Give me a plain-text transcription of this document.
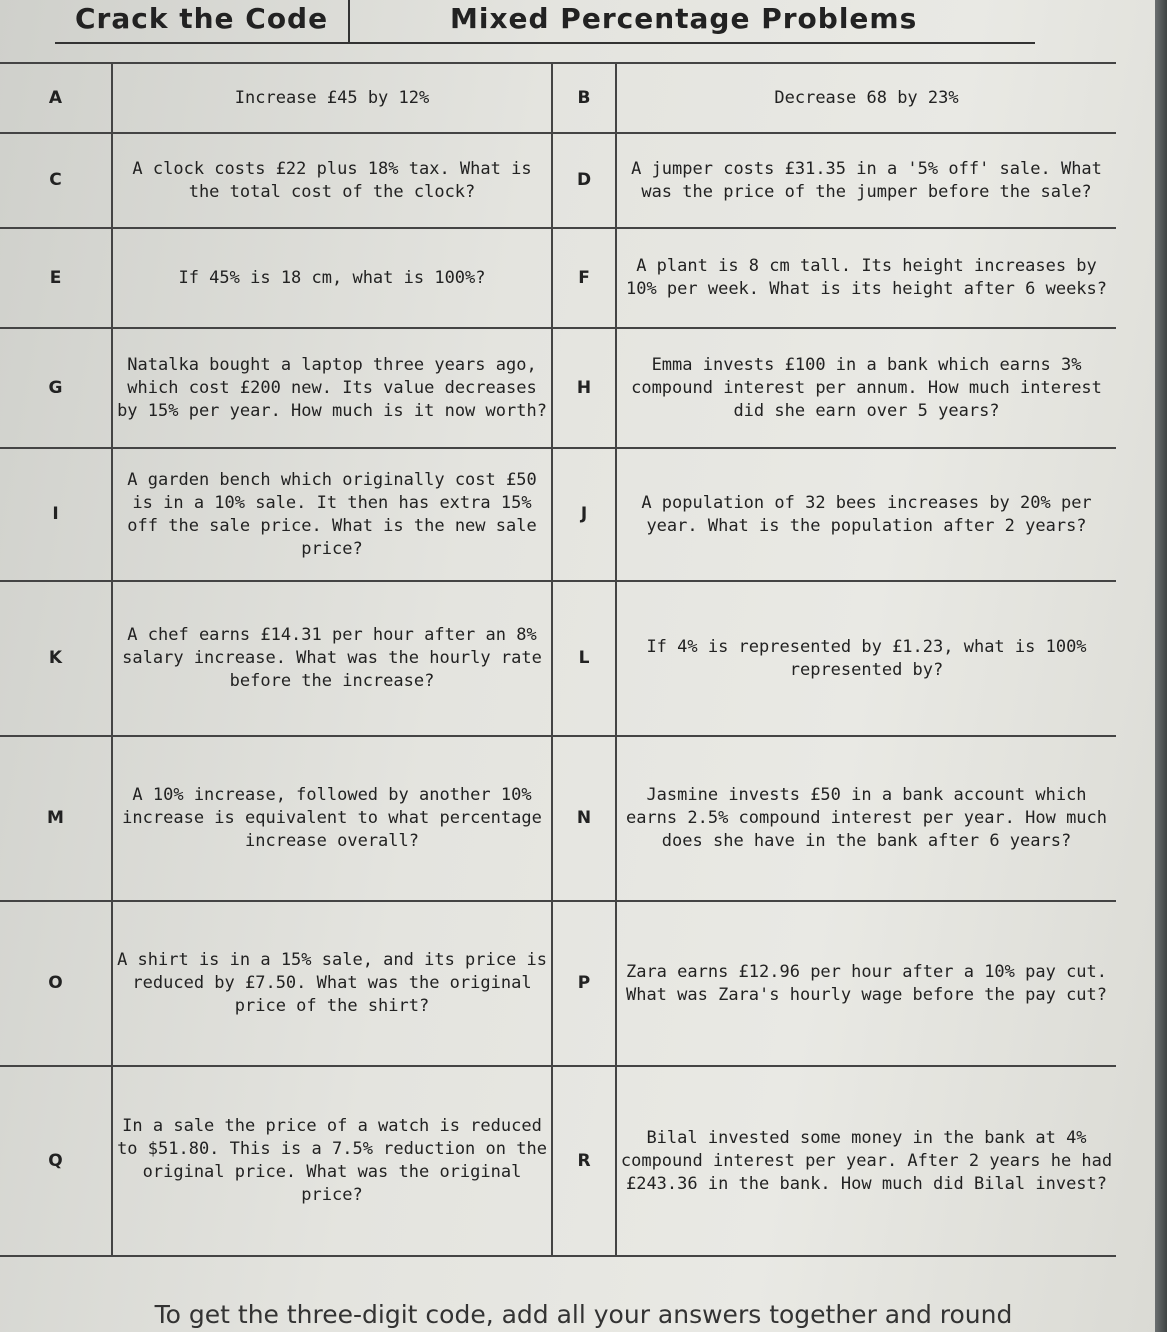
Crack the Code	Mixed Percentage Problems
A	Increase £45 by 12%	B	Decrease 68 by 23%
C	A clock costs £22 plus 18% tax. What is the total cost of the clock?	D	A jumper costs £31.35 in a '5% off' sale. What was the price of the jumper before the sale?
E	If 45% is 18 cm, what is 100%?	F	A plant is 8 cm tall. Its height increases by 10% per week. What is its height after 6 weeks?
G	Natalka bought a laptop three years ago, which cost £200 new. Its value decreases by 15% per year. How much is it now worth?	H	Emma invests £100 in a bank which earns 3% compound interest per annum. How much interest did she earn over 5 years?
I	A garden bench which originally cost £50 is in a 10% sale. It then has extra 15% off the sale price. What is the new sale price?	J	A population of 32 bees increases by 20% per year. What is the population after 2 years?
K	A chef earns £14.31 per hour after an 8% salary increase. What was the hourly rate before the increase?	L	If 4% is represented by £1.23, what is 100% represented by?
M	A 10% increase, followed by another 10% increase is equivalent to what percentage increase overall?	N	Jasmine invests £50 in a bank account which earns 2.5% compound interest per year. How much does she have in the bank after 6 years?
O	A shirt is in a 15% sale, and its price is reduced by £7.50. What was the original price of the shirt?	P	Zara earns £12.96 per hour after a 10% pay cut. What was Zara's hourly wage before the pay cut?
Q	In a sale the price of a watch is reduced to $51.80. This is a 7.5% reduction on the original price. What was the original price?	R	Bilal invested some money in the bank at 4% compound interest per year. After 2 years he had £243.36 in the bank. How much did Bilal invest?
To get the three-digit code, add all your answers together and round
